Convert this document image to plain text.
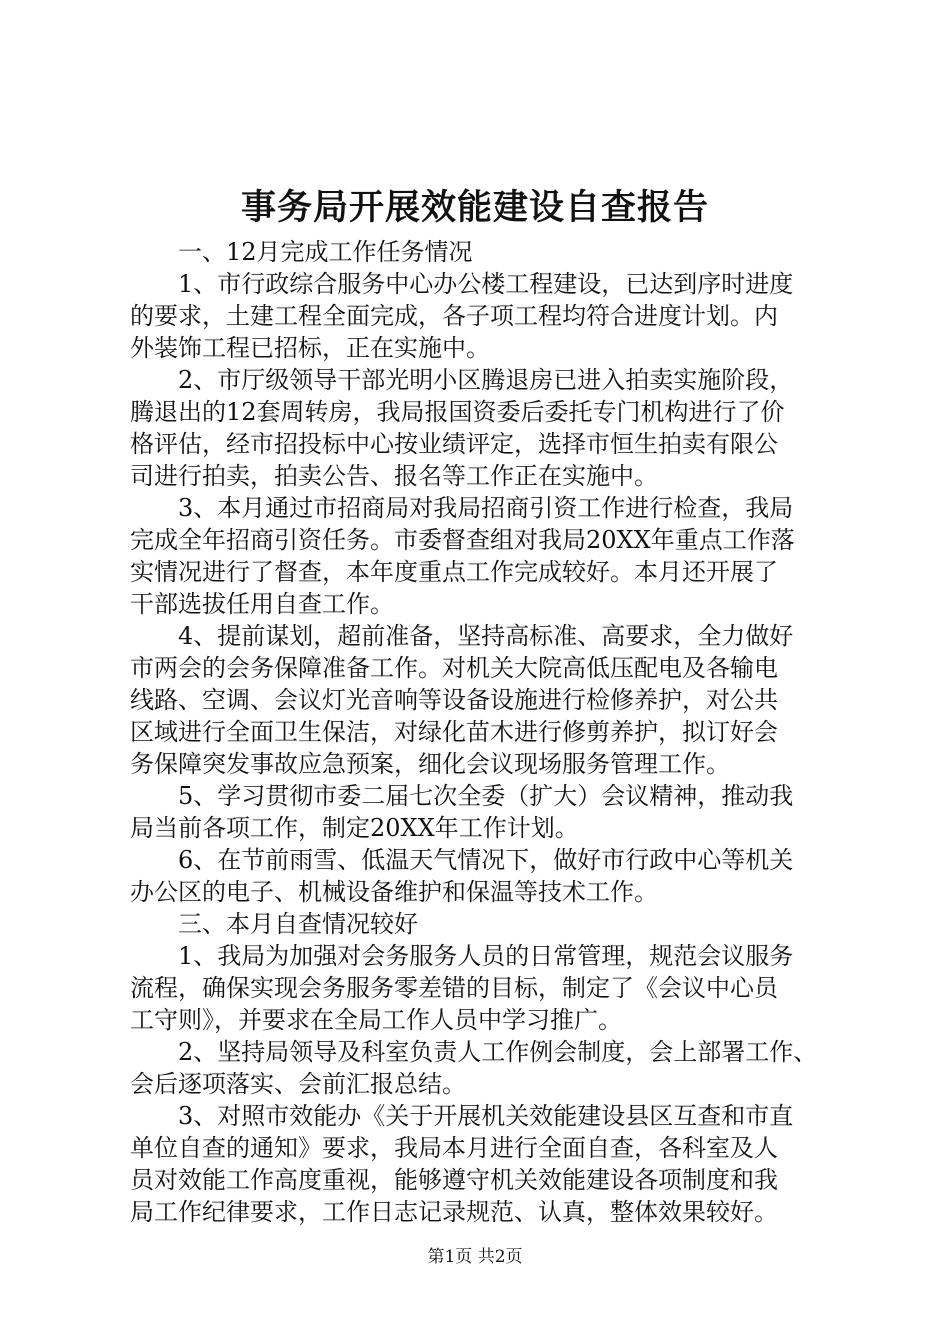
事务局开展效能建设自查报告
一、12月完成工作任务情况
1、市行政综合服务中心办公楼工程建设，已达到序时进度
的要求，土建工程全面完成，各子项工程均符合进度计划。内
外装饰工程已招标，正在实施中。
2、市厅级领导干部光明小区腾退房已进入拍卖实施阶段，
腾退出的12套周转房，我局报国资委后委托专门机构进行了价
格评估，经市招投标中心按业绩评定，选择市恒生拍卖有限公
司进行拍卖，拍卖公告、报名等工作正在实施中。
3、本月通过市招商局对我局招商引资工作进行检查，我局
完成全年招商引资任务。市委督查组对我局20XX年重点工作落
实情况进行了督查，本年度重点工作完成较好。本月还开展了
干部选拔任用自查工作。
4、提前谋划，超前准备，坚持高标准、高要求，全力做好
市两会的会务保障准备工作。对机关大院高低压配电及各输电
线路、空调、会议灯光音响等设备设施进行检修养护，对公共
区域进行全面卫生保洁，对绿化苗木进行修剪养护，拟订好会
务保障突发事故应急预案，细化会议现场服务管理工作。
5、学习贯彻市委二届七次全委（扩大）会议精神，推动我
局当前各项工作，制定20XX年工作计划。
6、在节前雨雪、低温天气情况下，做好市行政中心等机关
办公区的电子、机械设备维护和保温等技术工作。
三、本月自查情况较好
1、我局为加强对会务服务人员的日常管理，规范会议服务
流程，确保实现会务服务零差错的目标，制定了《会议中心员
工守则》，并要求在全局工作人员中学习推广。
2、坚持局领导及科室负责人工作例会制度，会上部署工作、
会后逐项落实、会前汇报总结。
3、对照市效能办《关于开展机关效能建设县区互查和市直
单位自查的通知》要求，我局本月进行全面自查，各科室及人
员对效能工作高度重视，能够遵守机关效能建设各项制度和我
局工作纪律要求，工作日志记录规范、认真，整体效果较好。
第1页 共2页
